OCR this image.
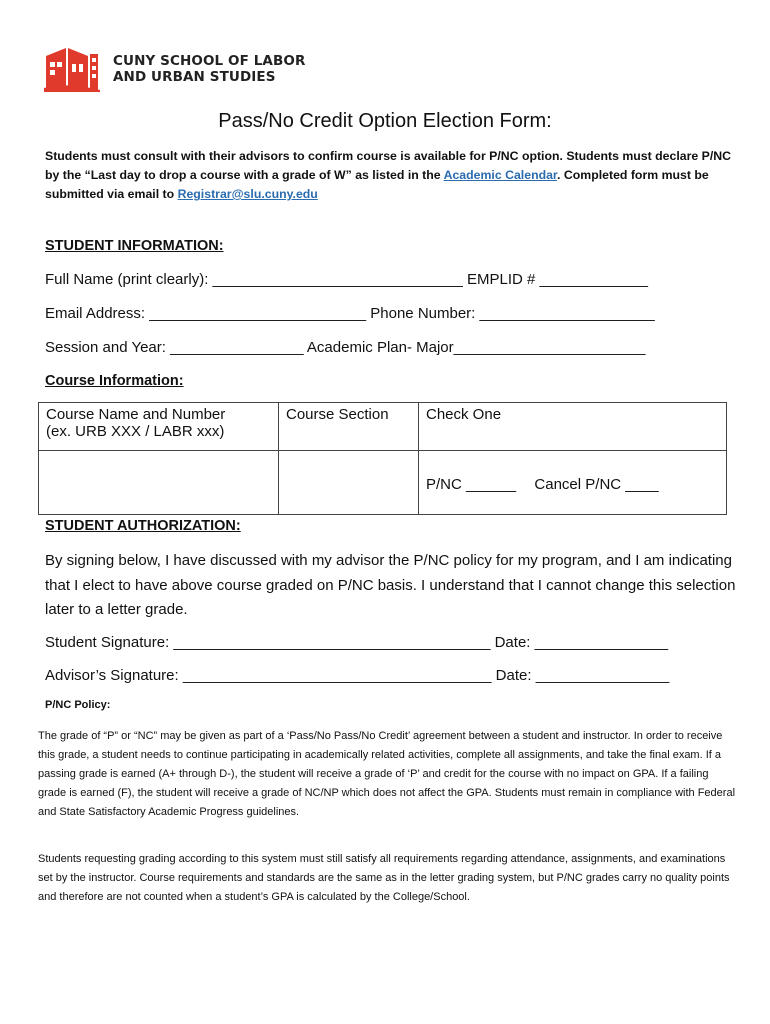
CUNY SCHOOL OF LABOR
AND URBAN STUDIES
Pass/No Credit Option Election Form:
Students must consult with their advisors to confirm course is available for P/NC option. Students must declare P/NC by the “Last day to drop a course with a grade of W” as listed in the Academic Calendar. Completed form must be submitted via email to Registrar@slu.cuny.edu
STUDENT INFORMATION:
Full Name (print clearly): ______________________________ EMPLID # _____________
Email Address: __________________________ Phone Number: _____________________
Session and Year: ________________ Academic Plan- Major_______________________
Course Information:
Course Name and Number
(ex. URB XXX / LABR xxx)	Course Section	Check One
		P/NC ______ Cancel P/NC ____
STUDENT AUTHORIZATION:
By signing below, I have discussed with my advisor the P/NC policy for my program, and I am indicating that I elect to have above course graded on P/NC basis. I understand that I cannot change this selection later to a letter grade.
Student Signature: ______________________________________ Date: ________________
Advisor’s Signature: _____________________________________ Date: ________________
P/NC Policy:
The grade of “P” or “NC” may be given as part of a ‘Pass/No Pass/No Credit’ agreement between a student and instructor. In order to receive this grade, a student needs to continue participating in academically related activities, complete all assignments, and take the final exam. If a passing grade is earned (A+ through D-), the student will receive a grade of ‘P’ and credit for the course with no impact on GPA. If a failing grade is earned (F), the student will receive a grade of NC/NP which does not affect the GPA. Students must remain in compliance with Federal and State Satisfactory Academic Progress guidelines.
Students requesting grading according to this system must still satisfy all requirements regarding attendance, assignments, and examinations set by the instructor. Course requirements and standards are the same as in the letter grading system, but P/NC grades carry no quality points and therefore are not counted when a student’s GPA is calculated by the College/School.
